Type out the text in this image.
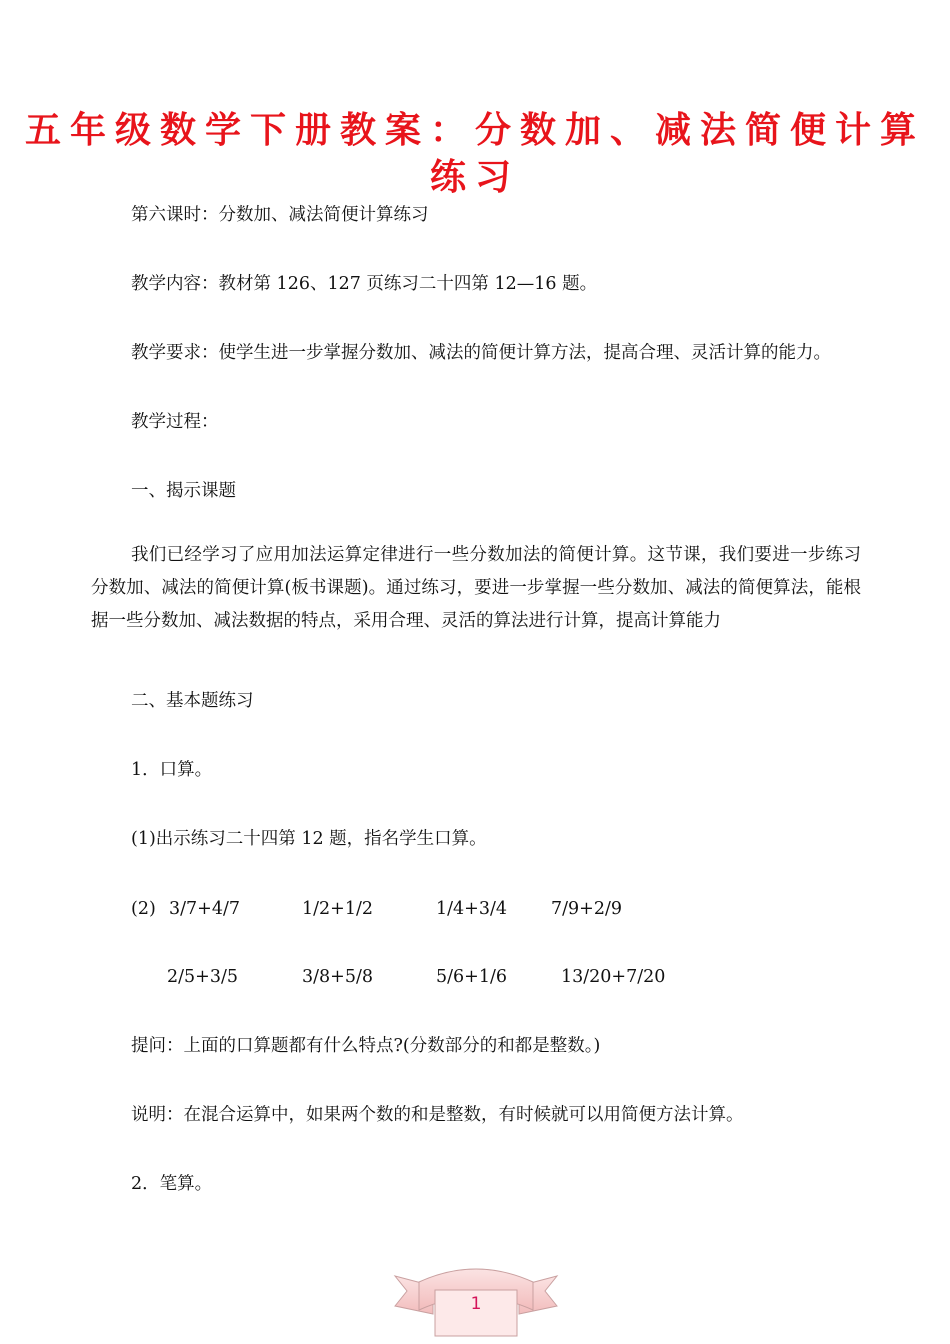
五年级数学下册教案：分数加、减法简便计算
练习
第六课时：分数加、减法简便计算练习
教学内容：教材第 126、127 页练习二十四第 12—16 题。
教学要求：使学生进一步掌握分数加、减法的简便计算方法，提高合理、灵活计算的能力。
教学过程：
一、揭示课题
我们已经学习了应用加法运算定律进行一些分数加法的简便计算。这节课，我们要进一步练习分数加、减法的简便计算(板书课题)。通过练习，要进一步掌握一些分数加、减法的简便算法，能根据一些分数加、减法数据的特点，采用合理、灵活的算法进行计算，提高计算能力
二、基本题练习
1．口算。
(1)出示练习二十四第 12 题，指名学生口算。
(2) 3/7+4/7	1/2+1/2	1/4+3/4	7/9+2/9
2/5+3/5	3/8+5/8	5/6+1/6	13/20+7/20
提问：上面的口算题都有什么特点?(分数部分的和都是整数。)
说明：在混合运算中，如果两个数的和是整数，有时候就可以用简便方法计算。
2．笔算。
1
